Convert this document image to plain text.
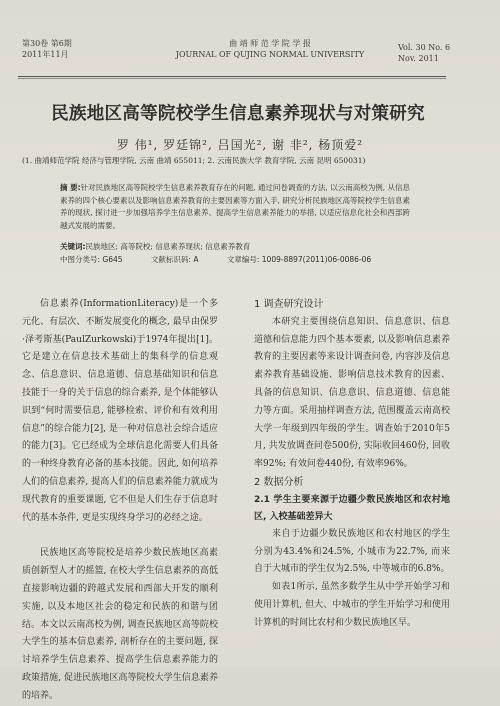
第30卷 第6期
2011年11月
曲 靖 师 范 学 院 学 报
JOURNAL OF QUJING NORMAL UNIVERSITY
Vol. 30 No. 6
Nov. 2011
民族地区高等院校学生信息素养现状与对策研究
罗 伟¹, 罗廷锦², 吕国光², 谢 非², 杨顶爱²
(1. 曲靖师范学院 经济与管理学院, 云南 曲靖 655011; 2. 云南民族大学 教育学院, 云南 昆明 650031)
摘 要:针对民族地区高等院校学生信息素养教育存在的问题, 通过问卷调查的方法, 以云南高校为例, 从信息素养的四个核心要素以及影响信息素养教育的主要因素等方面入手, 研究分析民族地区高等院校学生信息素养的现状, 探讨进一步加强培养学生信息素养、提高学生信息素养能力的举措, 以适应信息化社会和西部跨越式发展的需要。
关键词:民族地区; 高等院校; 信息素养现状; 信息素养教育
中图分类号: G645	文献标识码: A	文章编号: 1009-8897(2011)06-0086-06

信息素养(InformationLiteracy)是一个多元化、有层次、不断发展变化的概念, 最早由保罗·泽考斯基(PaulZurkowski)于1974年提出[1]。它是建立在信息技术基础上的集科学的信息观念、信息意识、信息道德、信息基础知识和信息技能于一身的关于信息的综合素养, 是个体能够认识到“何时需要信息, 能够检索、评价和有效利用信息”的综合能力[2], 是一种对信息社会综合适应的能力[3]。它已经成为全球信息化需要人们具备的一种终身教育必备的基本技能。因此, 如何培养人们的信息素养, 提高人们的信息素养能力就成为现代教育的重要课题, 它不但是人们生存于信息时代的基本条件, 更是实现终身学习的必经之途。

民族地区高等院校是培养少数民族地区高素质创新型人才的摇篮, 在校大学生信息素养的高低直接影响边疆的跨越式发展和西部大开发的顺利实施, 以及本地区社会的稳定和民族的和谐与团结。本文以云南高校为例, 调查民族地区高等院校大学生的基本信息素养, 剖析存在的主要问题, 探讨培养学生信息素养、提高学生信息素养能力的政策措施, 促进民族地区高等院校大学生信息素养的培养。

1 调查研究设计

本研究主要围绕信息知识、信息意识、信息道德和信息能力四个基本要素, 以及影响信息素养教育的主要因素等来设计调查问卷, 内容涉及信息素养教育基础设施、影响信息技术教育的因素、具备的信息知识、信息意识、信息道德、信息能力等方面。采用抽样调查方法, 范围覆盖云南高校大学一年级到四年级的学生。调查始于2010年5月, 共发放调查问卷500份, 实际收回460份, 回收率92%; 有效问卷440份, 有效率96%。

2 数据分析

2.1 学生主要来源于边疆少数民族地区和农村地区, 入校基础差异大

来自于边疆少数民族地区和农村地区的学生分别为43.4%和24.5%, 小城市为22.7%, 而来自于大城市的学生仅为2.5%, 中等城市的6.8%。

如表1所示, 虽然多数学生从中学开始学习和使用计算机, 但大、中城市的学生开始学习和使用计算机的时间比农村和少数民族地区早。
